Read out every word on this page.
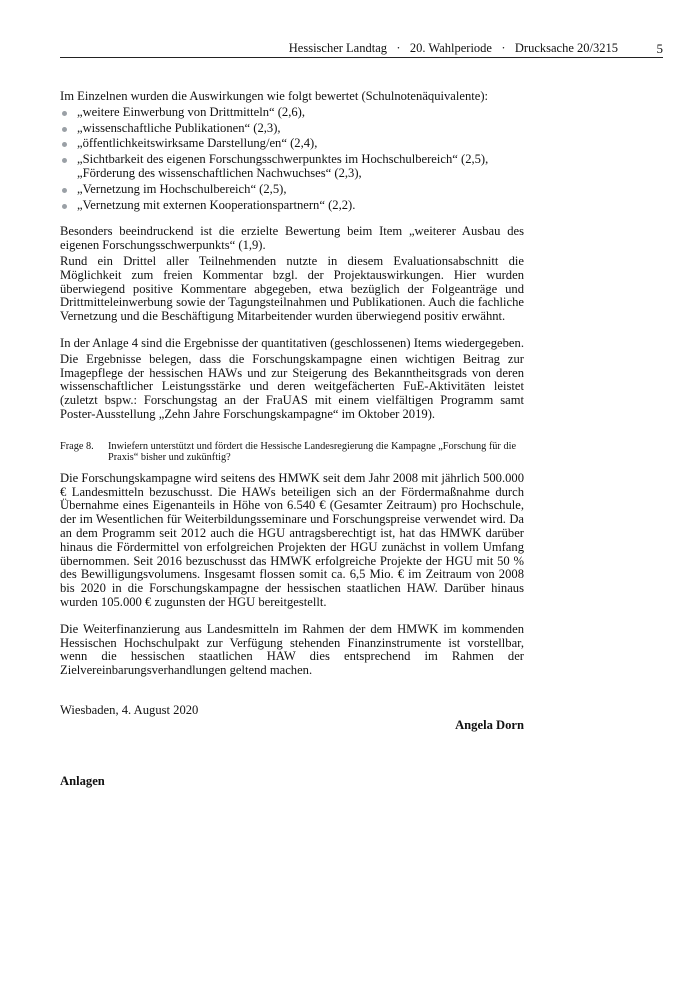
Hessischer Landtag   ·   20. Wahlperiode   ·   Drucksache 20/3215	5

Im Einzelnen wurden die Auswirkungen wie folgt bewertet (Schulnotenäquivalente):

„weitere Einwerbung von Drittmitteln“ (2,6),
„wissenschaftliche Publikationen“ (2,3),
„öffentlichkeitswirksame Darstellung/en“ (2,4),
„Sichtbarkeit des eigenen Forschungsschwerpunktes im Hochschulbereich“ (2,5), „Förderung des wissenschaftlichen Nachwuchses“ (2,3),
„Vernetzung im Hochschulbereich“ (2,5),
„Vernetzung mit externen Kooperationspartnern“ (2,2).

Besonders beeindruckend ist die erzielte Bewertung beim Item „weiterer Ausbau des eigenen Forschungsschwerpunkts“ (1,9).

Rund ein Drittel aller Teilnehmenden nutzte in diesem Evaluationsabschnitt die Möglichkeit zum freien Kommentar bzgl. der Projektauswirkungen. Hier wurden überwiegend positive Kommentare abgegeben, etwa bezüglich der Folgeanträge und Drittmitteleinwerbung sowie der Tagungsteilnahmen und Publikationen. Auch die fachliche Vernetzung und die Beschäftigung Mitarbeitender wurden überwiegend positiv erwähnt.

In der Anlage 4 sind die Ergebnisse der quantitativen (geschlossenen) Items wiedergegeben.

Die Ergebnisse belegen, dass die Forschungskampagne einen wichtigen Beitrag zur Imagepflege der hessischen HAWs und zur Steigerung des Bekanntheitsgrads von deren wissenschaftlicher Leistungsstärke und deren weitgefächerten FuE-Aktivitäten leistet (zuletzt bspw.: Forschungstag an der FraUAS mit einem vielfältigen Programm samt Poster-Ausstellung „Zehn Jahre Forschungskampagne“ im Oktober 2019).

Frage 8.	Inwiefern unterstützt und fördert die Hessische Landesregierung die Kampagne „Forschung für die Praxis“ bisher und zukünftig?

Die Forschungskampagne wird seitens des HMWK seit dem Jahr 2008 mit jährlich 500.000 € Landesmitteln bezuschusst. Die HAWs beteiligen sich an der Fördermaßnahme durch Übernahme eines Eigenanteils in Höhe von 6.540 € (Gesamter Zeitraum) pro Hochschule, der im Wesentlichen für Weiterbildungsseminare und Forschungspreise verwendet wird. Da an dem Programm seit 2012 auch die HGU antragsberechtigt ist, hat das HMWK darüber hinaus die Fördermittel von erfolgreichen Projekten der HGU zunächst in vollem Umfang übernommen. Seit 2016 bezuschusst das HMWK erfolgreiche Projekte der HGU mit 50 % des Bewilligungsvolumens. Insgesamt flossen somit ca. 6,5 Mio. € im Zeitraum von 2008 bis 2020 in die Forschungskampagne der hessischen staatlichen HAW. Darüber hinaus wurden 105.000 € zugunsten der HGU bereitgestellt.

Die Weiterfinanzierung aus Landesmitteln im Rahmen der dem HMWK im kommenden Hessischen Hochschulpakt zur Verfügung stehenden Finanzinstrumente ist vorstellbar, wenn die hessischen staatlichen HAW dies entsprechend im Rahmen der Zielvereinbarungsverhandlungen geltend machen.

Wiesbaden, 4. August 2020
Angela Dorn
Anlagen
